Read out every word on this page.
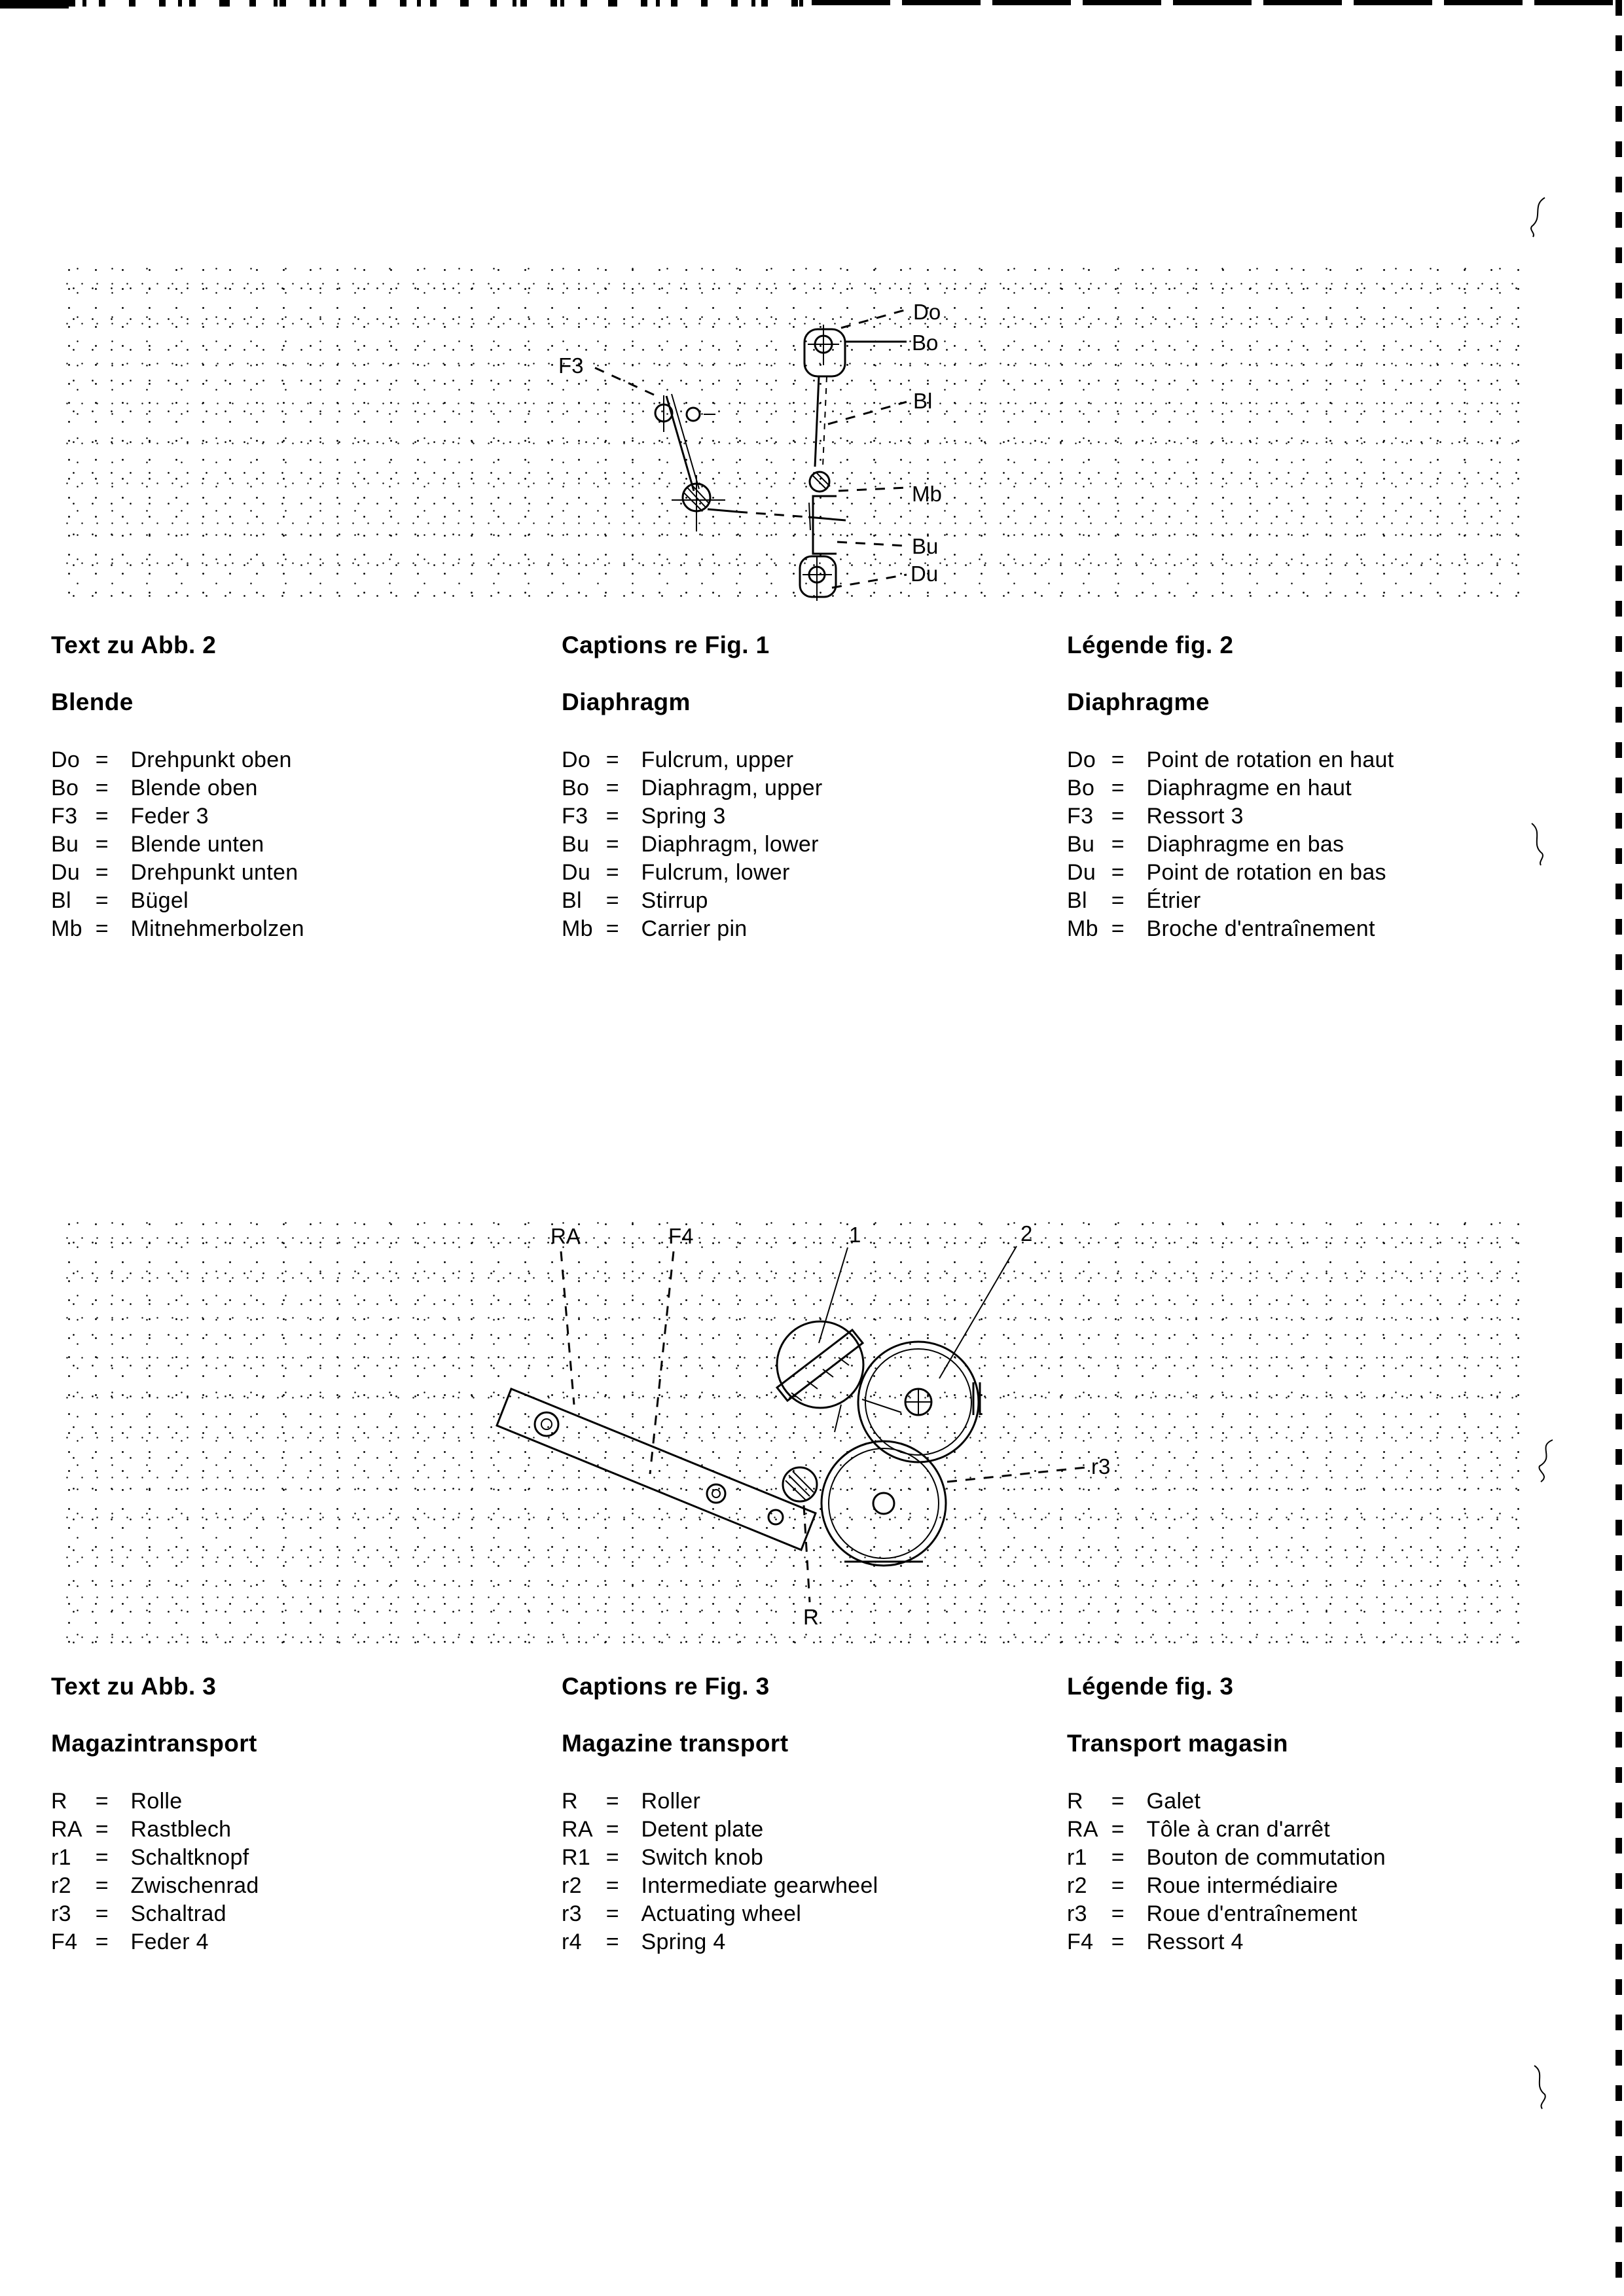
F3
Do
Bo
Bl
Mb
Bu
Du
Text zu Abb. 2
Blende
Do = Drehpunkt oben
Bo = Blende oben
F3 = Feder 3
Bu = Blende unten
Du = Drehpunkt unten
Bl = Bügel
Mb = Mitnehmerbolzen
Captions re Fig. 1
Diaphragm
Do = Fulcrum, upper
Bo = Diaphragm, upper
F3 = Spring 3
Bu = Diaphragm, lower
Du = Fulcrum, lower
Bl = Stirrup
Mb = Carrier pin
Légende fig. 2
Diaphragme
Do = Point de rotation en haut
Bo = Diaphragme en haut
F3 = Ressort 3
Bu = Diaphragme en bas
Du = Point de rotation en bas
Bl = Étrier
Mb = Broche d'entraînement
RA	F4	1	2
R
r3
Text zu Abb. 3
Magazintransport
R = Rolle
RA = Rastblech
r1 = Schaltknopf
r2 = Zwischenrad
r3 = Schaltrad
F4 = Feder 4
Captions re Fig. 3
Magazine transport
R = Roller
RA = Detent plate
R1 = Switch knob
r2 = Intermediate gearwheel
r3 = Actuating wheel
r4 = Spring 4
Légende fig. 3
Transport magasin
R = Galet
RA = Tôle à cran d'arrêt
r1 = Bouton de commutation
r2 = Roue intermédiaire
r3 = Roue d'entraînement
F4 = Ressort 4
